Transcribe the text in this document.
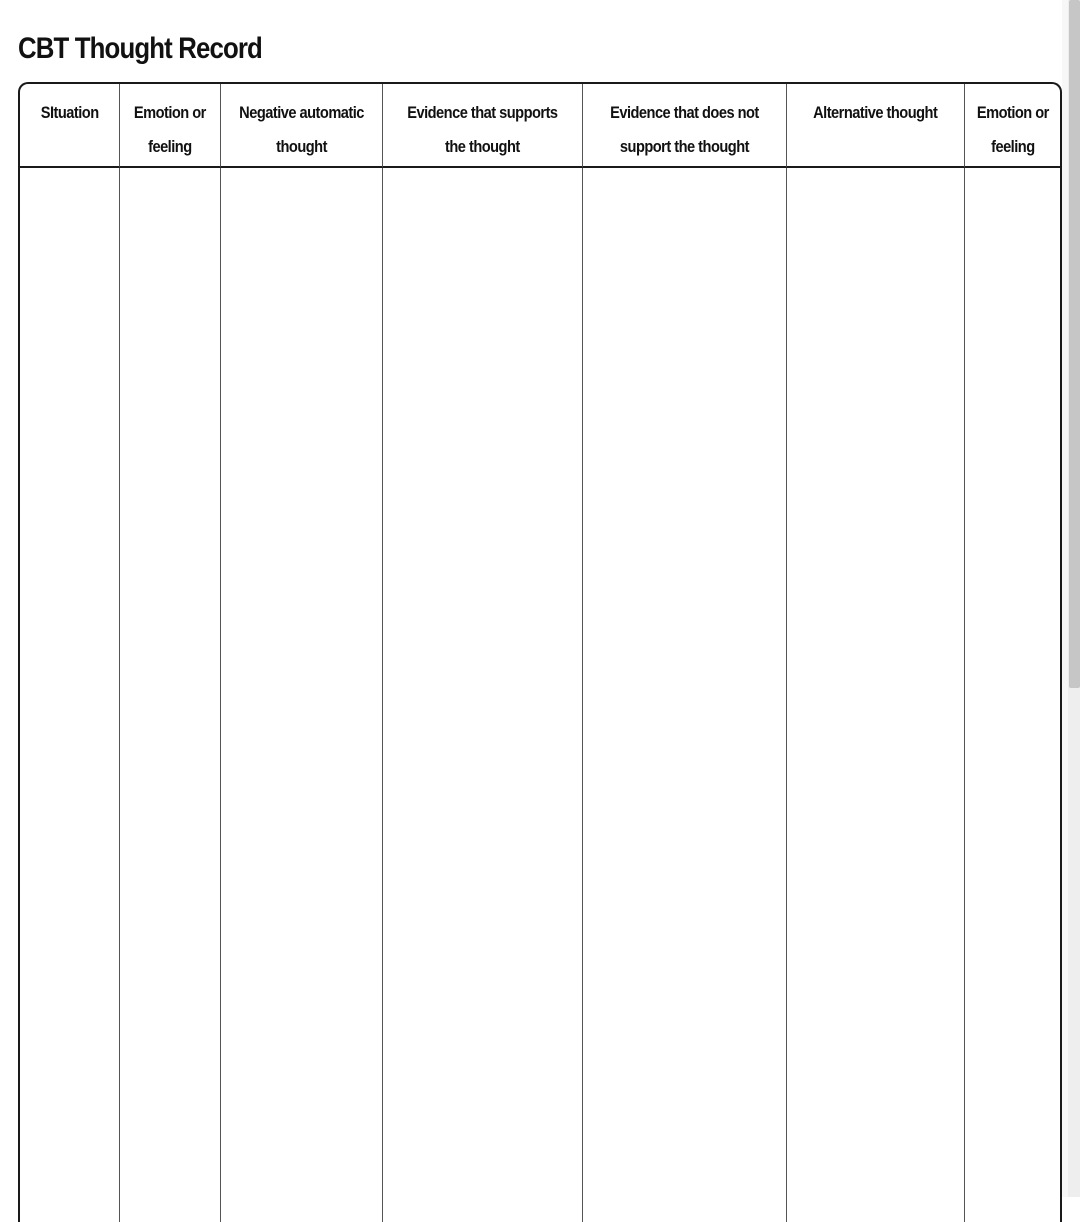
CBT Thought Record
SItuation Emotion or
feeling
Negative automatic
thought
Evidence that supports
the thought
Evidence that does not
support the thought
Alternative thought Emotion or
feeling
